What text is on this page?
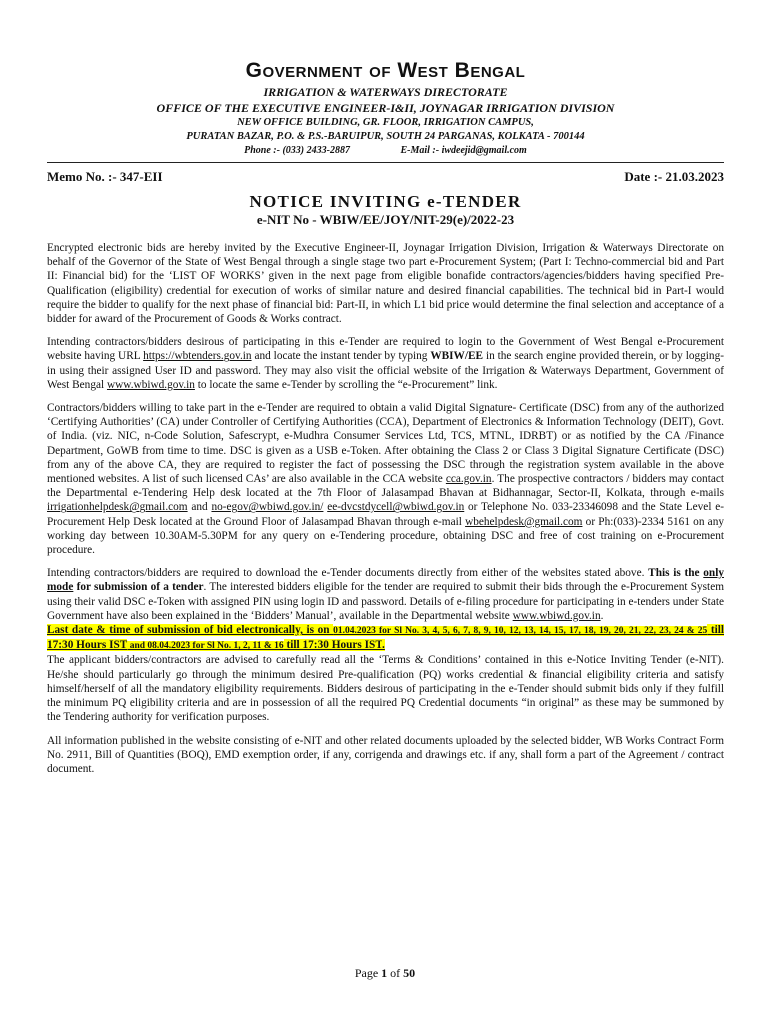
Government of West Bengal
IRRIGATION & WATERWAYS DIRECTORATE
OFFICE OF THE EXECUTIVE ENGINEER-I&II, JOYNAGAR IRRIGATION DIVISION
NEW OFFICE BUILDING, GR. FLOOR, IRRIGATION CAMPUS,
PURATAN BAZAR, P.O. & P.S.-BARUIPUR, SOUTH 24 PARGANAS, KOLKATA - 700144
Phone :- (033) 2433-2887	E-Mail :- iwdeejid@gmail.com
Memo No. :- 347-EII	Date :- 21.03.2023
NOTICE INVITING e-TENDER
e-NIT No - WBIW/EE/JOY/NIT-29(e)/2022-23

Encrypted electronic bids are hereby invited by the Executive Engineer-II, Joynagar Irrigation Division, Irrigation & Waterways Directorate on behalf of the Governor of the State of West Bengal through a single stage two part e-Procurement System; (Part I: Techno-commercial bid and Part II: Financial bid) for the ‘LIST OF WORKS’ given in the next page from eligible bonafide contractors/agencies/bidders having specified Pre-Qualification (eligibility) credential for execution of works of similar nature and desired financial capabilities. The technical bid in Part-I would require the bidder to qualify for the next phase of financial bid: Part-II, in which L1 bid price would determine the final selection and acceptance of a bidder for award of the Procurement of Goods & Works contract.

Intending contractors/bidders desirous of participating in this e-Tender are required to login to the Government of West Bengal e-Procurement website having URL https://wbtenders.gov.in and locate the instant tender by typing WBIW/EE in the search engine provided therein, or by logging-in using their assigned User ID and password. They may also visit the official website of the Irrigation & Waterways Department, Government of West Bengal www.wbiwd.gov.in to locate the same e-Tender by scrolling the “e-Procurement” link.

Contractors/bidders willing to take part in the e-Tender are required to obtain a valid Digital Signature- Certificate (DSC) from any of the authorized ‘Certifying Authorities’ (CA) under Controller of Certifying Authorities (CCA), Department of Electronics & Information Technology (DEIT), Govt. of India. (viz. NIC, n-Code Solution, Safescrypt, e-Mudhra Consumer Services Ltd, TCS, MTNL, IDRBT) or as notified by the CA /Finance Department, GoWB from time to time. DSC is given as a USB e-Token. After obtaining the Class 2 or Class 3 Digital Signature Certificate (DSC) from any of the above CA, they are required to register the fact of possessing the DSC through the registration system available in the above mentioned websites. A list of such licensed CAs’ are also available in the CCA website cca.gov.in. The prospective contractors / bidders may contact the Departmental e-Tendering Help desk located at the 7th Floor of Jalasampad Bhavan at Bidhannagar, Sector-II, Kolkata, through e-mails irrigationhelpdesk@gmail.com and no-egov@wbiwd.gov.in/ ee-dvcstdycell@wbiwd.gov.in or Telephone No. 033-23346098 and the State Level e-Procurement Help Desk located at the Ground Floor of Jalasampad Bhavan through e-mail wbehelpdesk@gmail.com or Ph:(033)-2334 5161 on any working day between 10.30AM-5.30PM for any query on e-Tendering procedure, obtaining DSC and free of cost training on e-Procurement procedure.

Intending contractors/bidders are required to download the e-Tender documents directly from either of the websites stated above. This is the only mode for submission of a tender. The interested bidders eligible for the tender are required to submit their bids through the e-Procurement System using their valid DSC e-Token with assigned PIN using login ID and password. Details of e-filing procedure for participating in e-tenders under State Government have also been explained in the ‘Bidders’ Manual’, available in the Departmental website www.wbiwd.gov.in.

Last date & time of submission of bid electronically, is on 01.04.2023 for Sl No. 3, 4, 5, 6, 7, 8, 9, 10, 12, 13, 14, 15, 17, 18, 19, 20, 21, 22, 23, 24 & 25 till 17:30 Hours IST and 08.04.2023 for Sl No. 1, 2, 11 & 16 till 17:30 Hours IST.

The applicant bidders/contractors are advised to carefully read all the ‘Terms & Conditions’ contained in this e-Notice Inviting Tender (e-NIT). He/she should particularly go through the minimum desired Pre-qualification (PQ) works credential & financial eligibility criteria and satisfy himself/herself of all the mandatory eligibility requirements. Bidders desirous of participating in the e-Tender should submit bids only if they fulfill the minimum PQ eligibility criteria and are in possession of all the required PQ Credential documents “in original” as these may be summoned by the Tendering authority for verification purposes.

All information published in the website consisting of e-NIT and other related documents uploaded by the selected bidder, WB Works Contract Form No. 2911, Bill of Quantities (BOQ), EMD exemption order, if any, corrigenda and drawings etc. if any, shall form a part of the Agreement / contract document.

Page 1 of 50
